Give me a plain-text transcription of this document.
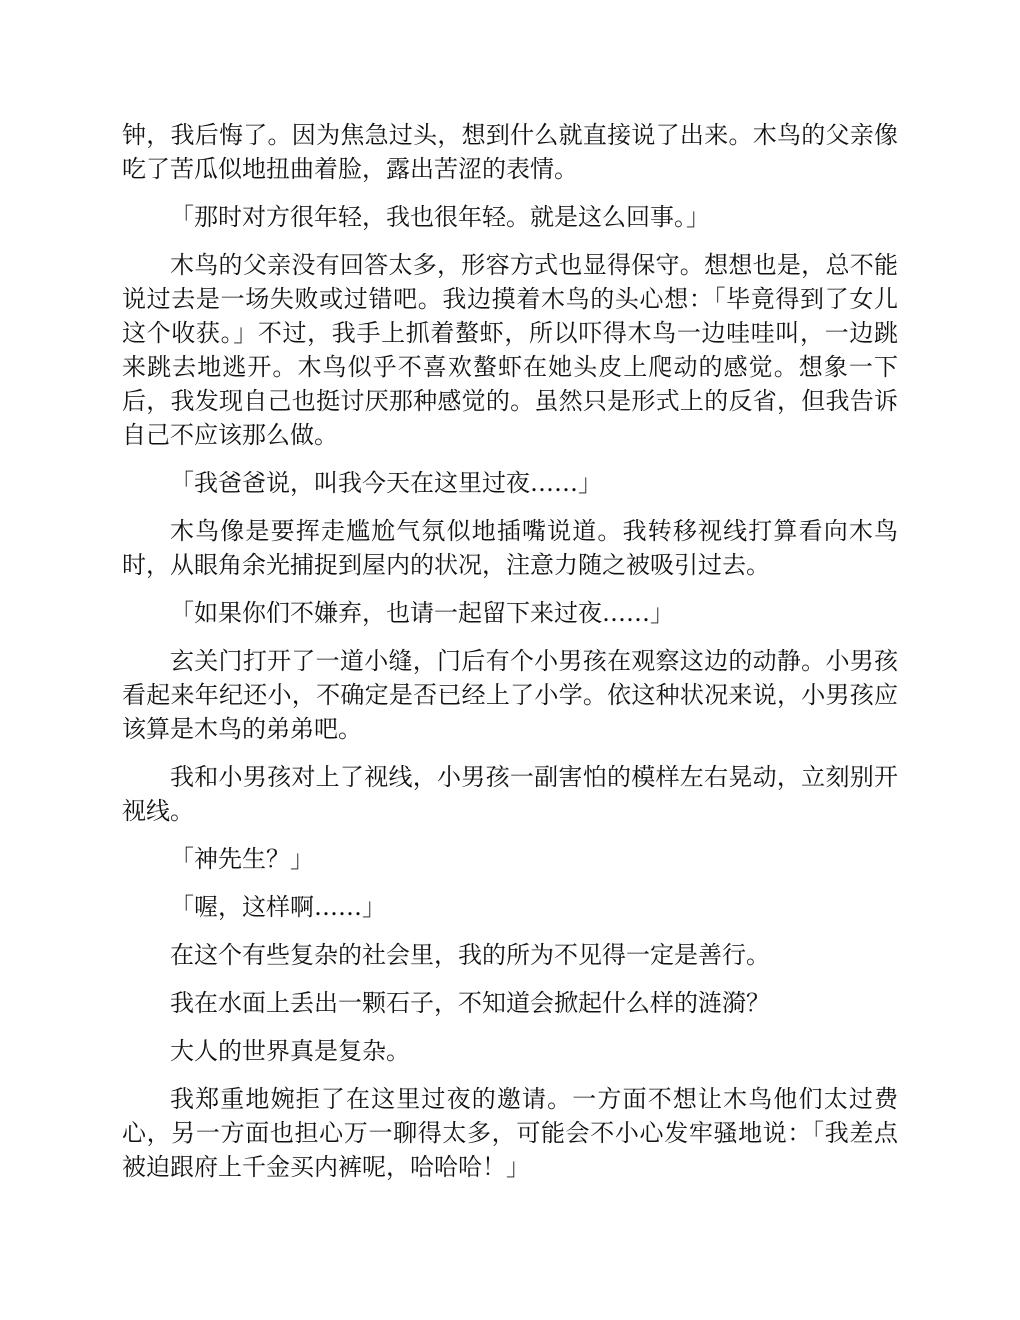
钟，我后悔了。因为焦急过头，想到什么就直接说了出来。木鸟的父亲像吃了苦瓜似地扭曲着脸，露出苦涩的表情。

「那时对方很年轻，我也很年轻。就是这么回事。」

木鸟的父亲没有回答太多，形容方式也显得保守。想想也是，总不能说过去是一场失败或过错吧。我边摸着木鸟的头心想：「毕竟得到了女儿这个收获。」不过，我手上抓着螯虾，所以吓得木鸟一边哇哇叫，一边跳来跳去地逃开。木鸟似乎不喜欢螯虾在她头皮上爬动的感觉。想象一下后，我发现自己也挺讨厌那种感觉的。虽然只是形式上的反省，但我告诉自己不应该那么做。

「我爸爸说，叫我今天在这里过夜……」

木鸟像是要挥走尴尬气氛似地插嘴说道。我转移视线打算看向木鸟时，从眼角余光捕捉到屋内的状况，注意力随之被吸引过去。

「如果你们不嫌弃，也请一起留下来过夜……」

玄关门打开了一道小缝，门后有个小男孩在观察这边的动静。小男孩看起来年纪还小，不确定是否已经上了小学。依这种状况来说，小男孩应该算是木鸟的弟弟吧。

我和小男孩对上了视线，小男孩一副害怕的模样左右晃动，立刻别开视线。

「神先生？」

「喔，这样啊……」

在这个有些复杂的社会里，我的所为不见得一定是善行。

我在水面上丢出一颗石子，不知道会掀起什么样的涟漪？

大人的世界真是复杂。

我郑重地婉拒了在这里过夜的邀请。一方面不想让木鸟他们太过费心，另一方面也担心万一聊得太多，可能会不小心发牢骚地说：「我差点被迫跟府上千金买内裤呢，哈哈哈！」
